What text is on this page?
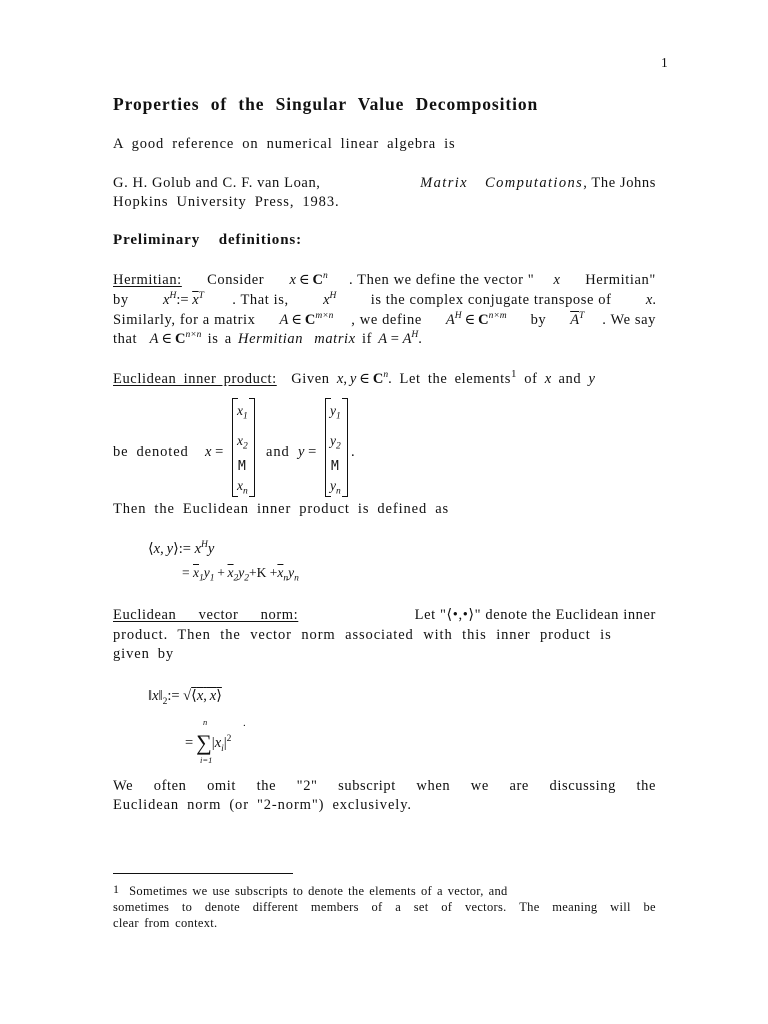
1
Properties of the Singular Value Decomposition
A good reference on numerical linear algebra is
G. H. Golub and C. F. van Loan,	Matrix Computations, The Johns
Hopkins University Press, 1983.
Preliminary definitions:
Hermitian: Consider x ∈ $C^n$ . Then we define the vector " x Hermitian"
by $x^H:= \overline{x}^T$ . That is, $x^H$ is the complex conjugate transpose of x.
Similarly, for a matrix A ∈ $C^{m\times n}$ , we define $A^H$ ∈ $C^{n\times m}$ by $\overline{A}^T$ . We say
that A ∈ $C^{n\times n}$ is a Hermitian matrix if $A = A^H$.
Euclidean inner product: Given x, y ∈ $C^n$. Let the elements$^1$ of x and y
be denoted x =
$x_1$
$x_2$
M
$x_n$
and y =
$y_1$
$y_2$
M
$y_n$
.
Then the Euclidean inner product is defined as
⟨x, y⟩:= $x^Hy$
= $\overline{x}_1y_1 + \overline{x}_2y_2+K +\overline{x}_ny_n$
Euclidean vector norm:	Let "⟨•,•⟩" denote the Euclidean inner
product. Then the vector norm associated with this inner product is
given by
$‖x‖_2:=$ √⟨x, x⟩
= $\sum|x_i|^2$
n
i=1
.
We often omit the "2" subscript when we are discussing the
Euclidean norm (or "2-norm") exclusively.
1 Sometimes we use subscripts to denote the elements of a vector, and
sometimes to denote different members of a set of vectors. The meaning will be
clear from context.
